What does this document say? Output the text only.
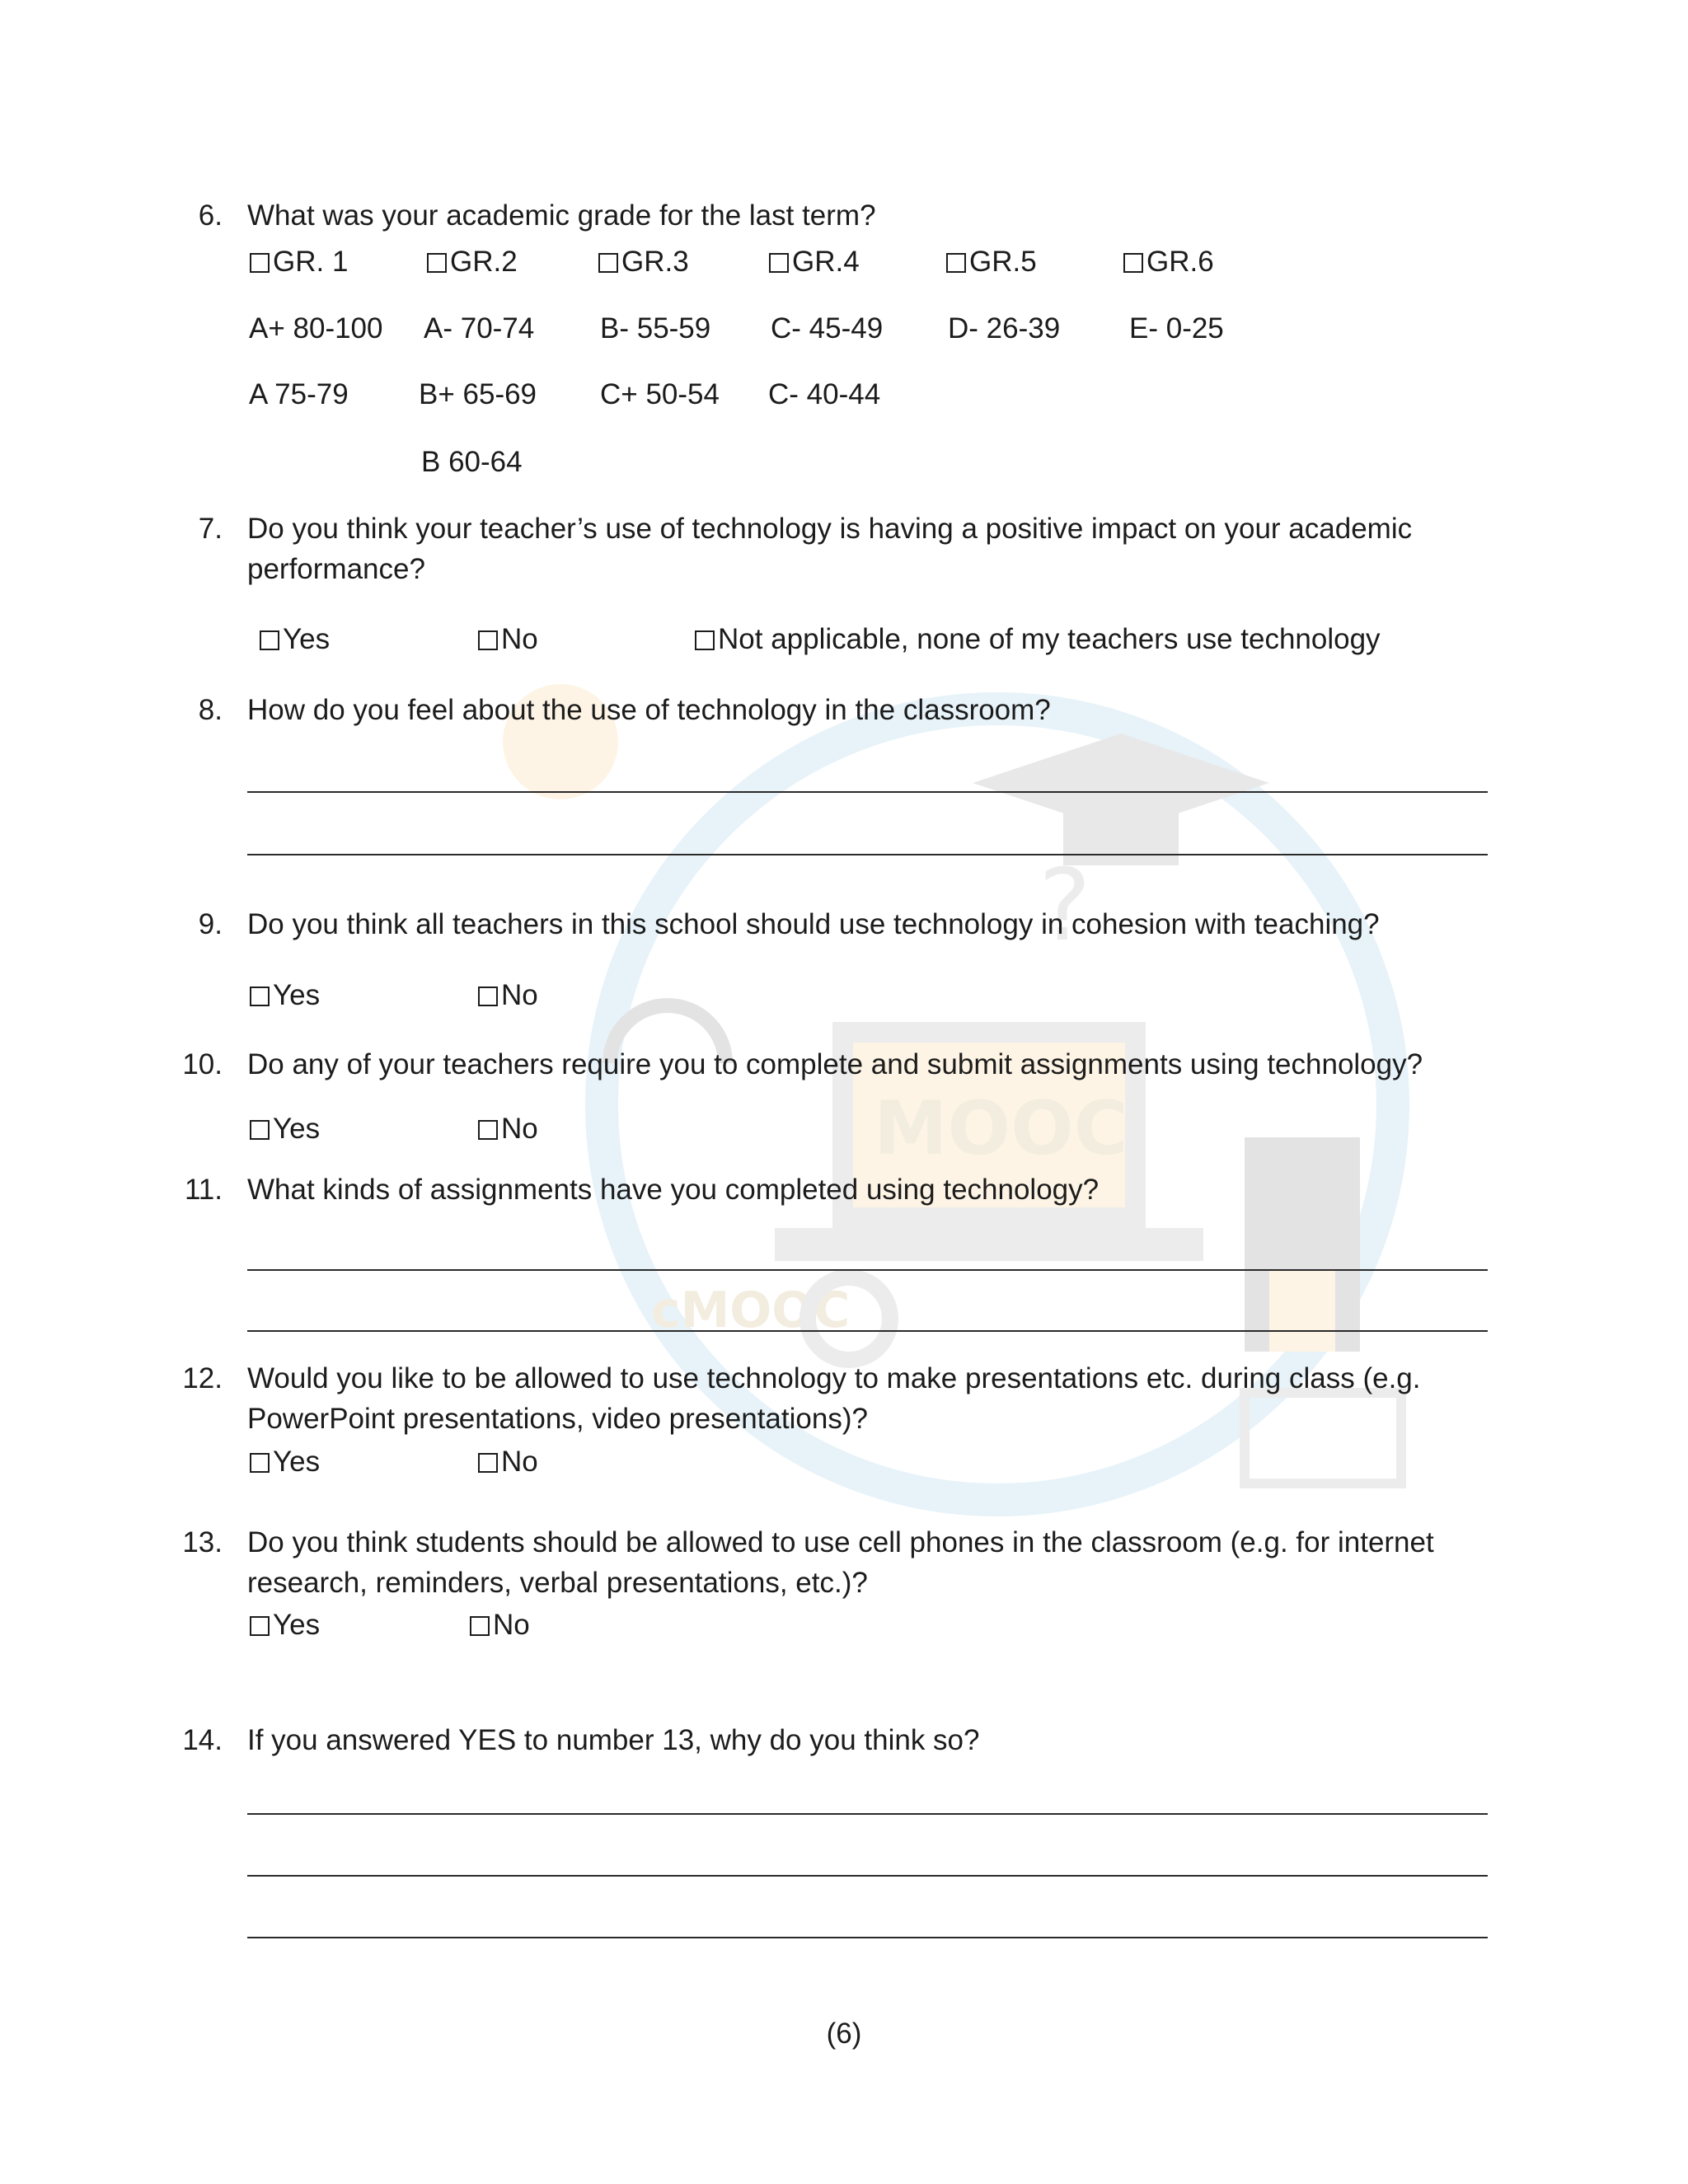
MOOC
cMOOC
?
6. What was your academic grade for the last term?
GR. 1	GR.2	GR.3	GR.4	GR.5	GR.6
A+ 80-100 A- 70-74 B- 55-59 C- 45-49 D- 26-39 E- 0-25
A 75-79 B+ 65-69 C+ 50-54 C- 40-44
B 60-64
7. Do you think your teacher’s use of technology is having a positive impact on your academic
performance?
Yes	No	Not applicable, none of my teachers use technology
8. How do you feel about the use of technology in the classroom?
9. Do you think all teachers in this school should use technology in cohesion with teaching?
Yes	No
10. Do any of your teachers require you to complete and submit assignments using technology?
Yes	No
11. What kinds of assignments have you completed using technology?
12. Would you like to be allowed to use technology to make presentations etc. during class (e.g.
PowerPoint presentations, video presentations)?
Yes	No
13. Do you think students should be allowed to use cell phones in the classroom (e.g. for internet
research, reminders, verbal presentations, etc.)?
Yes	No
14. If you answered YES to number 13, why do you think so?
(6)
